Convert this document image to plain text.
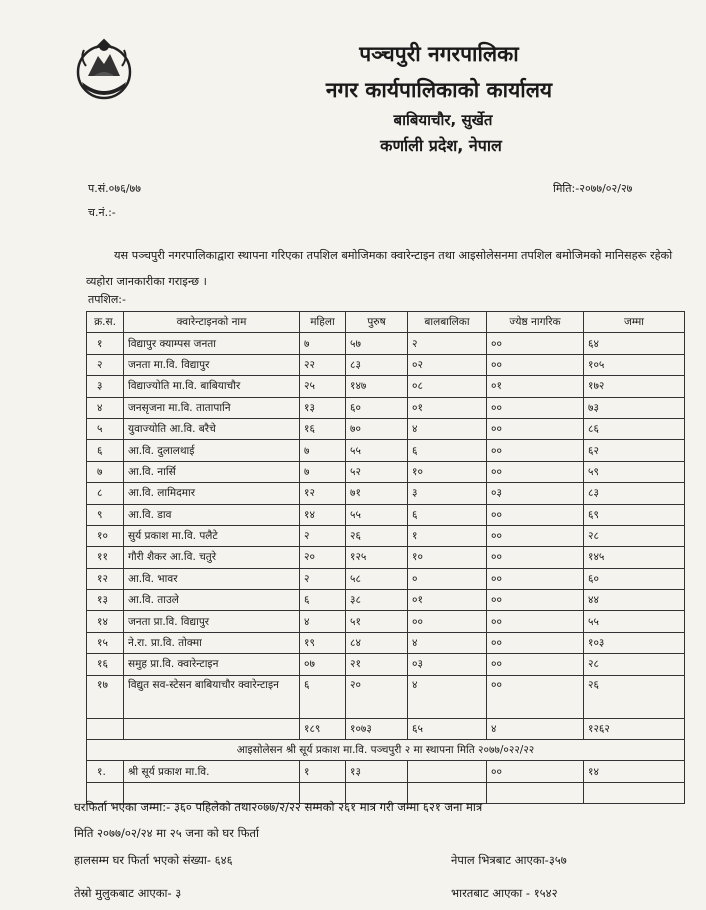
पञ्चपुरी नगरपालिका
नगर कार्यपालिकाको कार्यालय
बाबियाचौर, सुर्खेत
कर्णाली प्रदेश, नेपाल
प.सं.०७६/७७
च.नं.:-
मिति:-२०७७/०२/२७
यस पञ्चपुरी नगरपालिकाद्वारा स्थापना गरिएका तपशिल बमोजिमका क्वारेन्टाइन तथा आइसोलेसनमा तपशिल बमोजिमको मानिसहरू रहेको व्यहोरा जानकारीका गराइन्छ ।
तपशिल:-
क्र.स.	क्वारेन्टाइनको नाम	महिला	पुरुष	बालबालिका	ज्येष्ठ नागरिक	जम्मा
१	विद्यापुर क्याम्पस जनता	७	५७	२	००	६४
२	जनता मा.वि. विद्यापुर	२२	८३	०२	००	१०५
३	विद्याज्योति मा.वि. बाबियाचौर	२५	१४७	०८	०१	१७२
४	जनसृजना मा.वि. तातापानि	१३	६०	०१	००	७३
५	युवाज्योति आ.वि. बरैचे	१६	७०	४	००	८६
६	आ.वि. दुलालथाई	७	५५	६	००	६२
७	आ.वि. नार्सि	७	५२	१०	००	५९
८	आ.वि. लामिदमार	१२	७१	३	०३	८३
९	आ.वि. डाव	१४	५५	६	००	६९
१०	सुर्य प्रकाश मा.वि. पलैटे	२	२६	१	००	२८
११	गौरी शैकर आ.वि. चतुरे	२०	१२५	१०	००	१४५
१२	आ.वि. भावर	२	५८	०	००	६०
१३	आ.वि. ताउले	६	३८	०१	००	४४
१४	जनता प्रा.वि. विद्यापुर	४	५१	००	००	५५
१५	ने.रा. प्रा.वि. तोक्मा	१९	८४	४	००	१०३
१६	समुह प्रा.वि. क्वारेन्टाइन	०७	२१	०३	००	२८
१७	विद्युत सव-स्टेसन बाबियाचौर क्वारेन्टाइन	६	२०	४	००	२६
		१८९	१०७३	६५	४	१२६२
आइसोलेसन श्री सूर्य प्रकाश मा.वि. पञ्चपुरी २ मा स्थापना मिति २०७७/०२२/२२						
१.	श्री सूर्य प्रकाश मा.वि.	१	१३		००	१४

घरफिर्ता भएका जम्मा:- ३६० पहिलेको तथा२०७७/२/२२ सम्मको २६१ मात्र गरी जम्मा ६२१ जना मात्र
मिति २०७७/०२/२४ मा २५ जना को घर फिर्ता
हालसम्म घर फिर्ता भएको संख्या- ६४६	नेपाल भित्रबाट आएका-३५७
तेस्रो मुलुकबाट आएका- ३	भारतबाट आएका - १५४२
